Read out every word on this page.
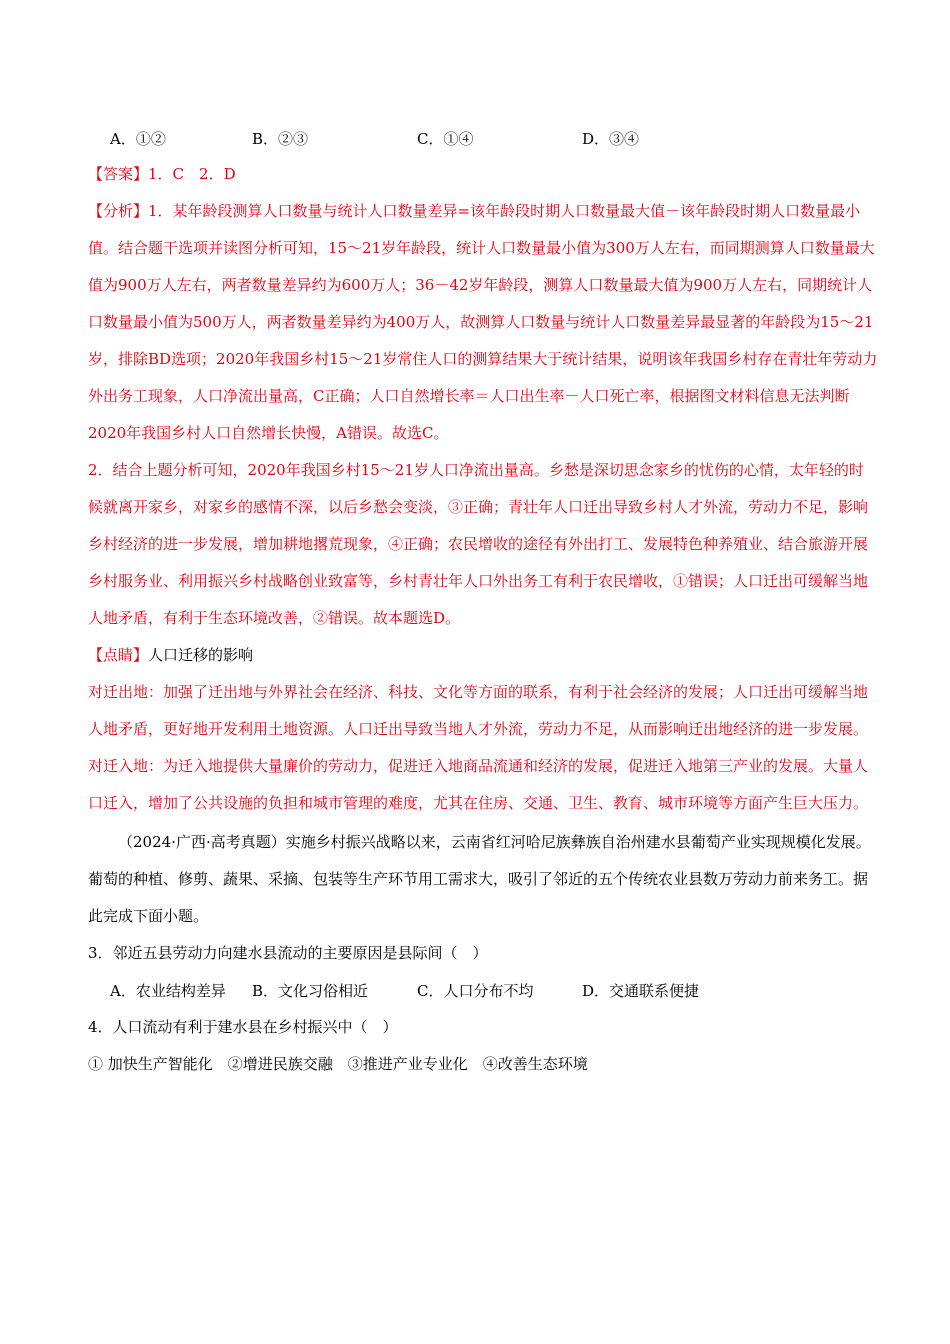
A．①②	B．②③	C．①④	D．③④

【答案】1．C　2．D

【分析】1．某年龄段测算人口数量与统计人口数量差异=该年龄段时期人口数量最大值－该年龄段时期人口数量最小值。结合题干选项并读图分析可知，15～21岁年龄段，统计人口数量最小值为300万人左右，而同期测算人口数量最大值为900万人左右，两者数量差异约为600万人；36－42岁年龄段，测算人口数量最大值为900万人左右，同期统计人口数量最小值为500万人，两者数量差异约为400万人，故测算人口数量与统计人口数量差异最显著的年龄段为15～21岁，排除BD选项；2020年我国乡村15～21岁常住人口的测算结果大于统计结果，说明该年我国乡村存在青壮年劳动力外出务工现象，人口净流出量高，C正确；人口自然增长率＝人口出生率－人口死亡率，根据图文材料信息无法判断2020年我国乡村人口自然增长快慢，A错误。故选C。

2．结合上题分析可知，2020年我国乡村15～21岁人口净流出量高。乡愁是深切思念家乡的忧伤的心情，太年轻的时候就离开家乡，对家乡的感情不深，以后乡愁会变淡，③正确；青壮年人口迁出导致乡村人才外流，劳动力不足，影响乡村经济的进一步发展，增加耕地撂荒现象，④正确；农民增收的途径有外出打工、发展特色种养殖业、结合旅游开展乡村服务业、利用振兴乡村战略创业致富等，乡村青壮年人口外出务工有利于农民增收，①错误；人口迁出可缓解当地人地矛盾，有利于生态环境改善，②错误。故本题选D。

【点睛】人口迁移的影响

对迁出地：加强了迁出地与外界社会在经济、科技、文化等方面的联系，有利于社会经济的发展；人口迁出可缓解当地人地矛盾，更好地开发利用土地资源。人口迁出导致当地人才外流，劳动力不足，从而影响迁出地经济的进一步发展。

对迁入地：为迁入地提供大量廉价的劳动力，促进迁入地商品流通和经济的发展，促进迁入地第三产业的发展。大量人口迁入，增加了公共设施的负担和城市管理的难度，尤其在住房、交通、卫生、教育、城市环境等方面产生巨大压力。

（2024·广西·高考真题）实施乡村振兴战略以来，云南省红河哈尼族彝族自治州建水县葡萄产业实现规模化发展。葡萄的种植、修剪、蔬果、采摘、包装等生产环节用工需求大，吸引了邻近的五个传统农业县数万劳动力前来务工。据此完成下面小题。

3．邻近五县劳动力向建水县流动的主要原因是县际间（　）

A．农业结构差异	B．文化习俗相近	C．人口分布不均	D．交通联系便捷

4．人口流动有利于建水县在乡村振兴中（　）

① 加快生产智能化　②增进民族交融　③推进产业专业化　④改善生态环境
